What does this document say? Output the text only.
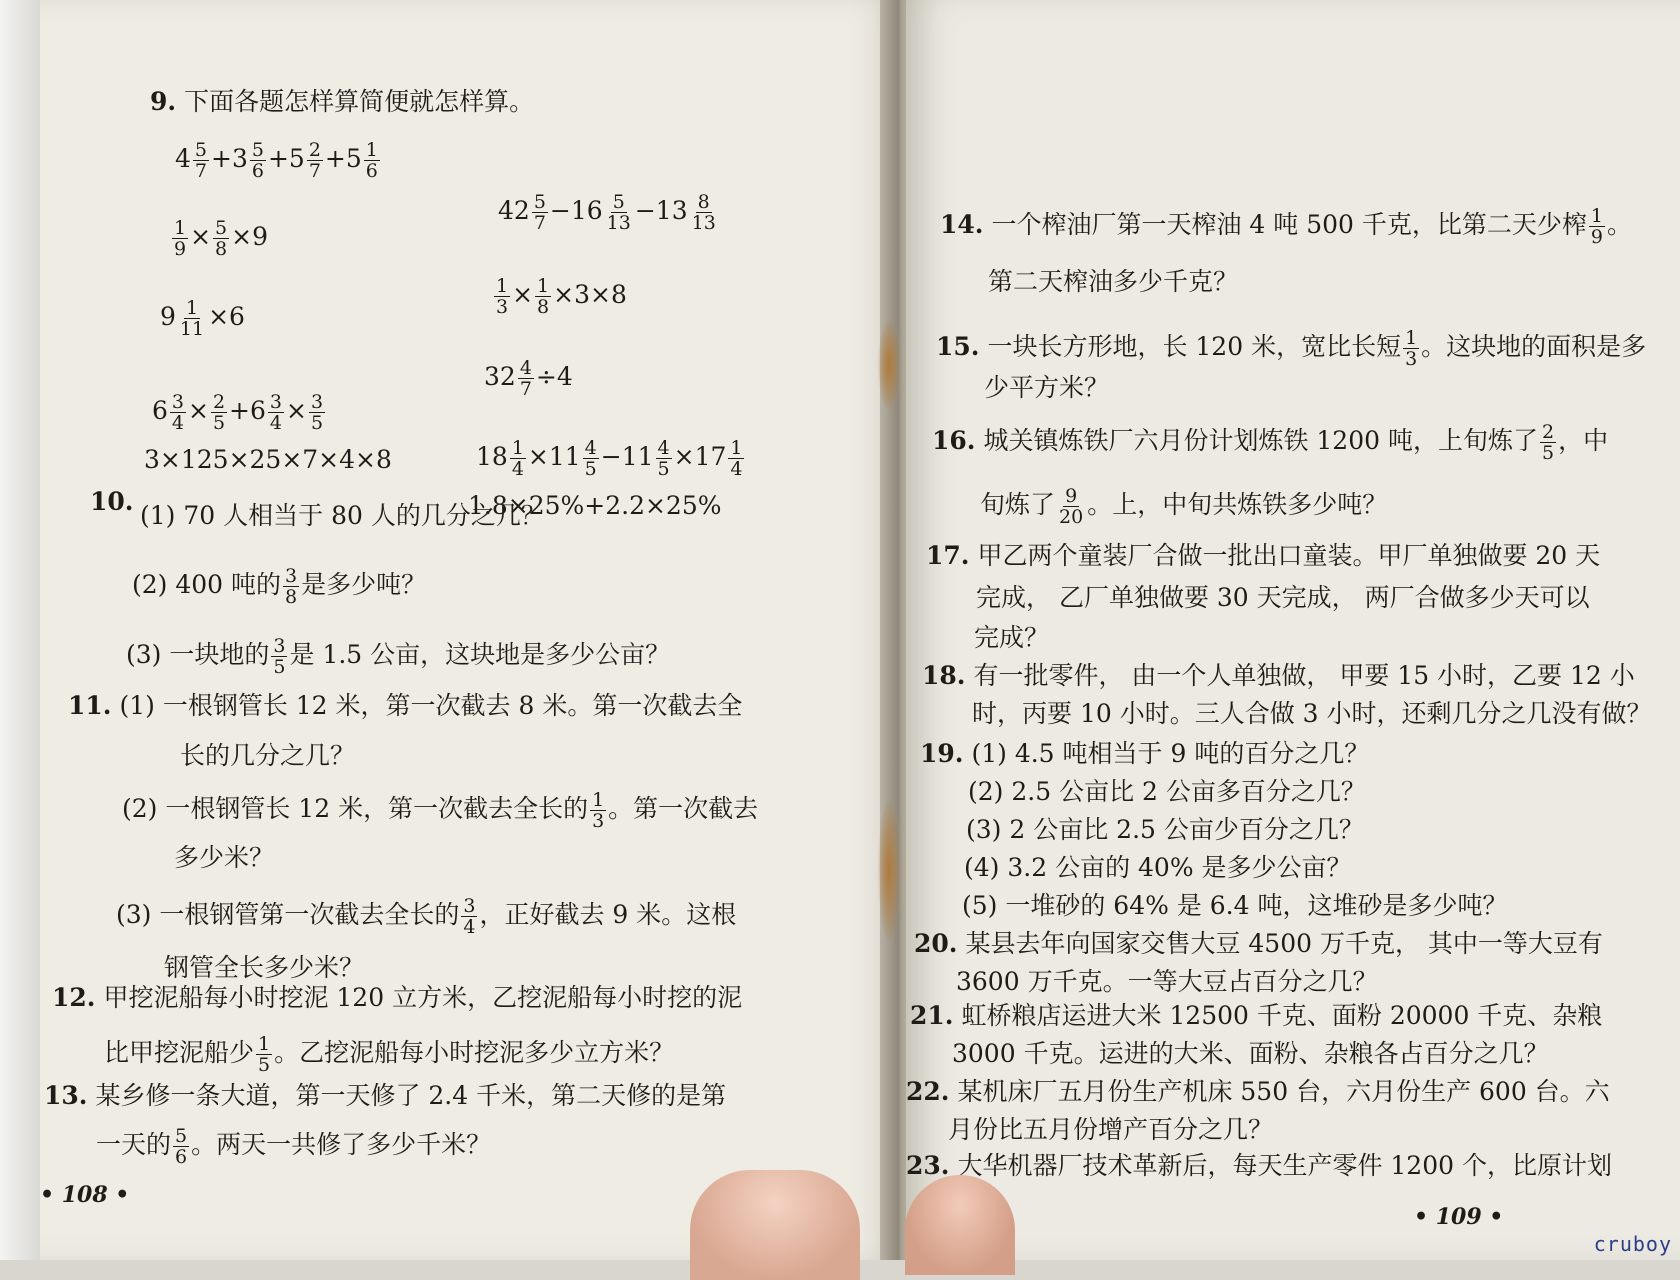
9. 下面各题怎样算简便就怎样算。
$4 \frac{5}{7} +3 \frac{5}{6} +5 \frac{2}{7} +5 \frac{1}{6}$
$\frac{1}{9} \times \frac{5}{8} \times 9$
$9 \frac{1}{11} \times 6$
$6 \frac{3}{4} \times \frac{2}{5} +6 \frac{3}{4} \times \frac{3}{5}$
3×125×25×7×4×8
$42 \frac{5}{7} -16 \frac{5}{13} -13 \frac{8}{13}$
$\frac{1}{3} \times \frac{1}{8} \times 3\times 8$
$32 \frac{4}{7} \div 4$
$18 \frac{1}{4} \times 11 \frac{4}{5} -11 \frac{4}{5} \times 17 \frac{1}{4}$
1.8×25%+2.2×25%
10. (1) 70 人相当于 80 人的几分之几？
(2) 400 吨的 $\frac{3}{8}$ 是多少吨？
(3) 一块地的 $\frac{3}{5}$ 是 1.5 公亩，这块地是多少公亩？
11. (1) 一根钢管长 12 米，第一次截去 8 米。第一次截去全
长的几分之几？
(2) 一根钢管长 12 米，第一次截去全长的 $\frac{1}{3}$ 。第一次截去
多少米？
(3) 一根钢管第一次截去全长的 $\frac{3}{4}$ ，正好截去 9 米。这根
钢管全长多少米？
12. 甲挖泥船每小时挖泥 120 立方米，乙挖泥船每小时挖的泥
比甲挖泥船少 $\frac{1}{5}$ 。乙挖泥船每小时挖泥多少立方米？
13. 某乡修一条大道，第一天修了 2.4 千米，第二天修的是第
一天的 $\frac{5}{6}$ 。两天一共修了多少千米？
• 108 •
14. 一个榨油厂第一天榨油 4 吨 500 千克，比第二天少榨 $\frac{1}{9}$ 。
第二天榨油多少千克？
15. 一块长方形地，长 120 米，宽比长短 $\frac{1}{3}$ 。这块地的面积是多
少平方米？
16. 城关镇炼铁厂六月份计划炼铁 1200 吨，上旬炼了 $\frac{2}{5}$ ，中
旬炼了 $\frac{9}{20}$ 。上，中旬共炼铁多少吨？
17. 甲乙两个童装厂合做一批出口童装。甲厂单独做要 20 天
完成， 乙厂单独做要 30 天完成， 两厂合做多少天可以
完成？
18. 有一批零件， 由一个人单独做， 甲要 15 小时，乙要 12 小
时，丙要 10 小时。三人合做 3 小时，还剩几分之几没有做？
19. (1) 4.5 吨相当于 9 吨的百分之几？
(2) 2.5 公亩比 2 公亩多百分之几？
(3) 2 公亩比 2.5 公亩少百分之几？
(4) 3.2 公亩的 40% 是多少公亩？
(5) 一堆砂的 64% 是 6.4 吨，这堆砂是多少吨？
20. 某县去年向国家交售大豆 4500 万千克， 其中一等大豆有
3600 万千克。一等大豆占百分之几？
21. 虹桥粮店运进大米 12500 千克、面粉 20000 千克、杂粮
3000 千克。运进的大米、面粉、杂粮各占百分之几？
22. 某机床厂五月份生产机床 550 台，六月份生产 600 台。六
月份比五月份增产百分之几？
23. 大华机器厂技术革新后，每天生产零件 1200 个，比原计划
• 109 •
cruboy
